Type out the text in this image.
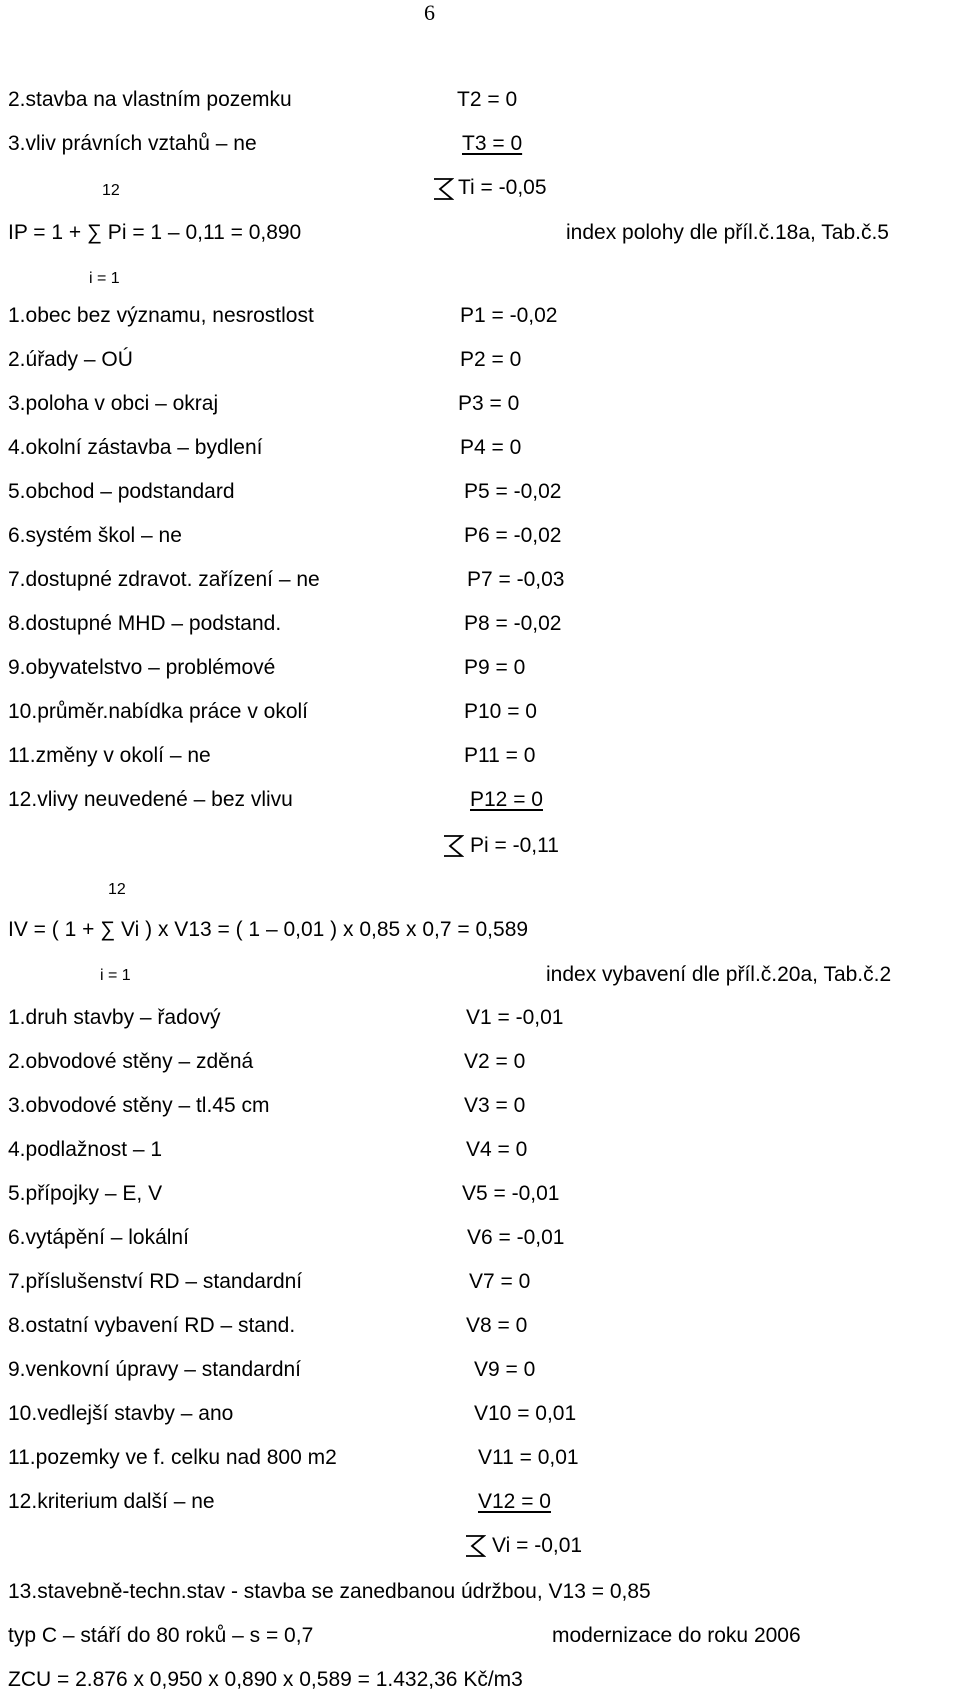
6
2.stavba na vlastním pozemku	T2 = 0
3.vliv právních vztahů – ne	T3 = 0
12	Ti = -0,05
IP = 1 + ∑ Pi = 1 – 0,11 = 0,890	index polohy dle příl.č.18a, Tab.č.5
i = 1
1.obec bez významu, nesrostlost	P1 = -0,02
2.úřady – OÚ	P2 = 0
3.poloha v obci – okraj	P3 = 0
4.okolní zástavba – bydlení	P4 = 0
5.obchod – podstandard	P5 = -0,02
6.systém škol – ne	P6 = -0,02
7.dostupné zdravot. zařízení – ne	P7 = -0,03
8.dostupné MHD – podstand.	P8 = -0,02
9.obyvatelstvo – problémové	P9 = 0
10.průměr.nabídka práce v okolí	P10 = 0
11.změny v okolí – ne	P11 = 0
12.vlivy neuvedené – bez vlivu	P12 = 0
Pi = -0,11
12
IV = ( 1 + ∑ Vi ) x V13 = ( 1 – 0,01 ) x 0,85 x 0,7 = 0,589
i = 1	index vybavení dle příl.č.20a, Tab.č.2
1.druh stavby – řadový	V1 = -0,01
2.obvodové stěny – zděná	V2 = 0
3.obvodové stěny – tl.45 cm	V3 = 0
4.podlažnost – 1	V4 = 0
5.přípojky – E, V	V5 = -0,01
6.vytápění – lokální	V6 = -0,01
7.příslušenství RD – standardní	V7 = 0
8.ostatní vybavení RD – stand.	V8 = 0
9.venkovní úpravy – standardní	V9 = 0
10.vedlejší stavby – ano	V10 = 0,01
11.pozemky ve f. celku nad 800 m2	V11 = 0,01
12.kriterium další – ne	V12 = 0
Vi = -0,01
13.stavebně-techn.stav - stavba se zanedbanou údržbou, V13 = 0,85
typ C – stáří do 80 roků – s = 0,7	modernizace do roku 2006
ZCU = 2.876 x 0,950 x 0,890 x 0,589 = 1.432,36 Kč/m3
